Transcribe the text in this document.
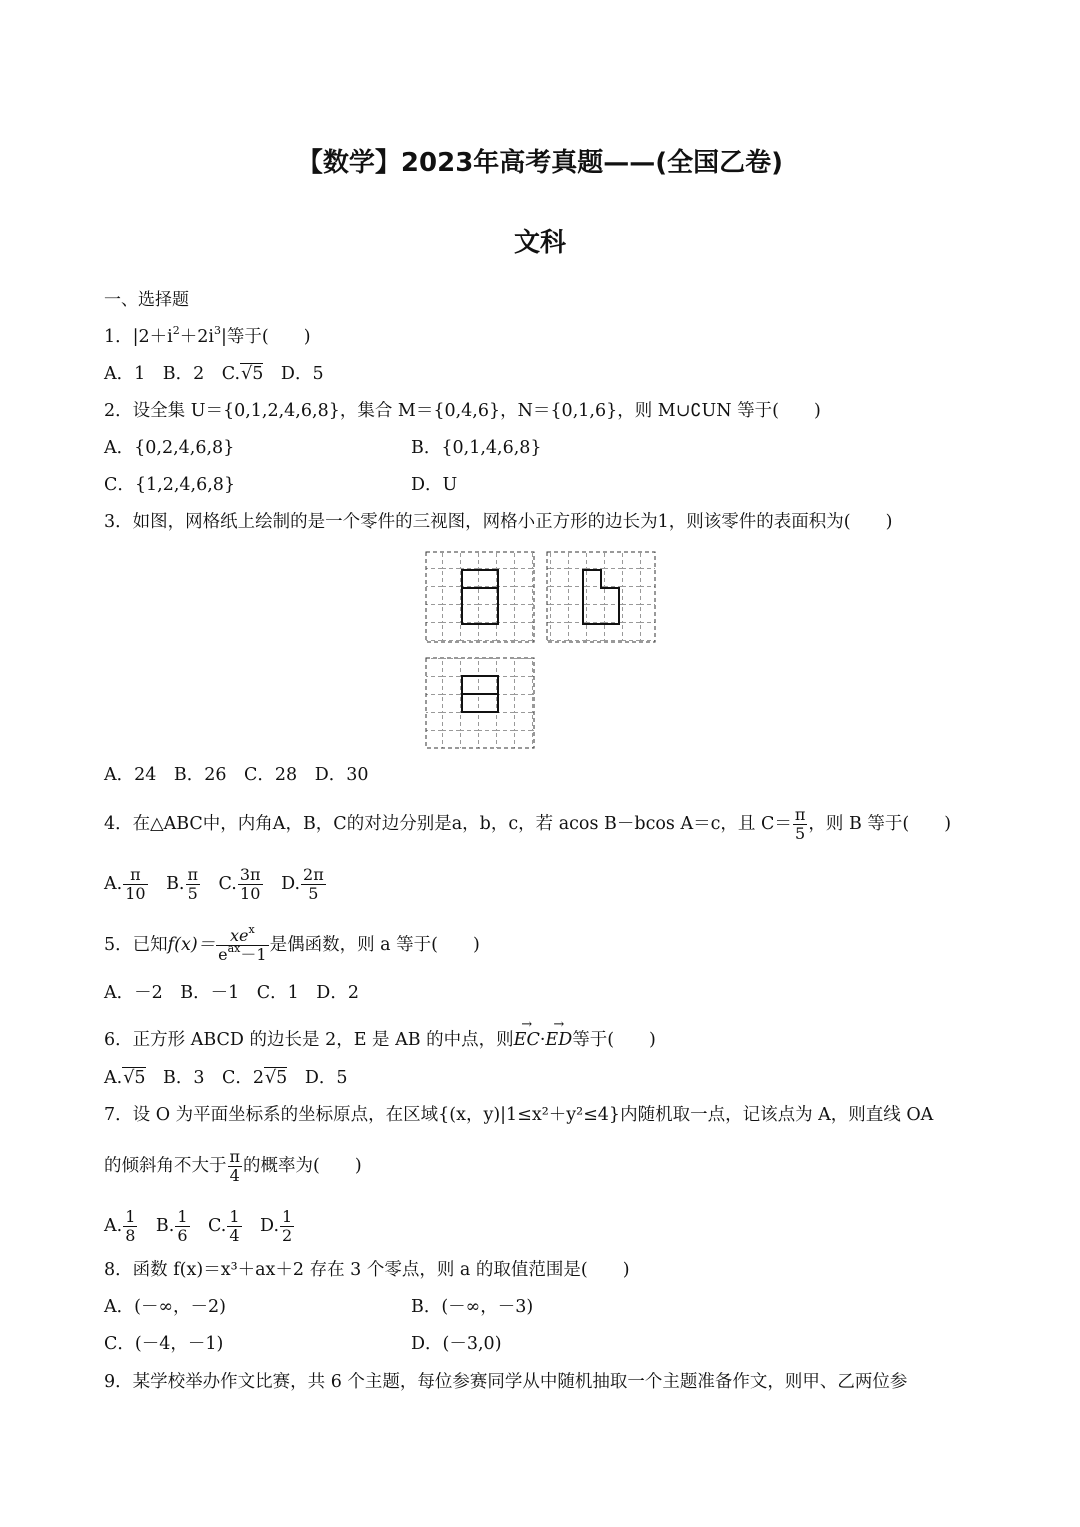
【数学】2023年高考真题——(全国乙卷)
文科
一、选择题
1．$|2+i^2+2i^3|$等于(　　)
A．1　 B．2　 C.√5　 D．5
2．设全集 U＝{0,1,2,4,6,8}，集合 M＝{0,4,6}，N＝{0,1,6}，则 M∪∁UN 等于(　　)
A．{0,2,4,6,8}	B．{0,1,4,6,8}
C．{1,2,4,6,8}	D．U
3．如图，网格纸上绘制的是一个零件的三视图，网格小正方形的边长为1，则该零件的表面积为(　　)
A．24　B．26　C．28　D．30
4．在△ABC中，内角A，B，C的对边分别是a，b，c，若 acos B－bcos A＝c，且 $C= \frac{\pi}{5}$ ，则 B 等于(　　)
A. $\frac{\pi}{10}$
　 B. $\frac{\pi}{5}$
　 C. $\frac{3\pi}{10}$
　 D. $\frac{2\pi}{5}$
5．已知$f(x)= \frac{xe^x}{e^{ax}-1}$ 是偶函数，则 a 等于(　　)
A．－2　B．－1　C．1　D．2
6．正方形 ABCD 的边长是 2，E 是 AB 的中点，则→ EC·→ ED等于(　　)
A.√5　B．3　C．2√5　D．5
7．设 O 为平面坐标系的坐标原点，在区域{(x，y)|1≤x²＋y²≤4}内随机取一点，记该点为 A，则直线 OA
的倾斜角不大于 $\frac{\pi}{4}$ 的概率为(　　)
A. $\frac{1}{8}$
　 B. $\frac{1}{6}$
　 C. $\frac{1}{4}$
　 D. $\frac{1}{2}$
8．函数 f(x)＝x³＋ax＋2 存在 3 个零点，则 a 的取值范围是(　　)
A．(－∞，－2)	B．(－∞，－3)
C．(－4，－1)	D．(－3,0)
9．某学校举办作文比赛，共 6 个主题，每位参赛同学从中随机抽取一个主题准备作文，则甲、乙两位参
